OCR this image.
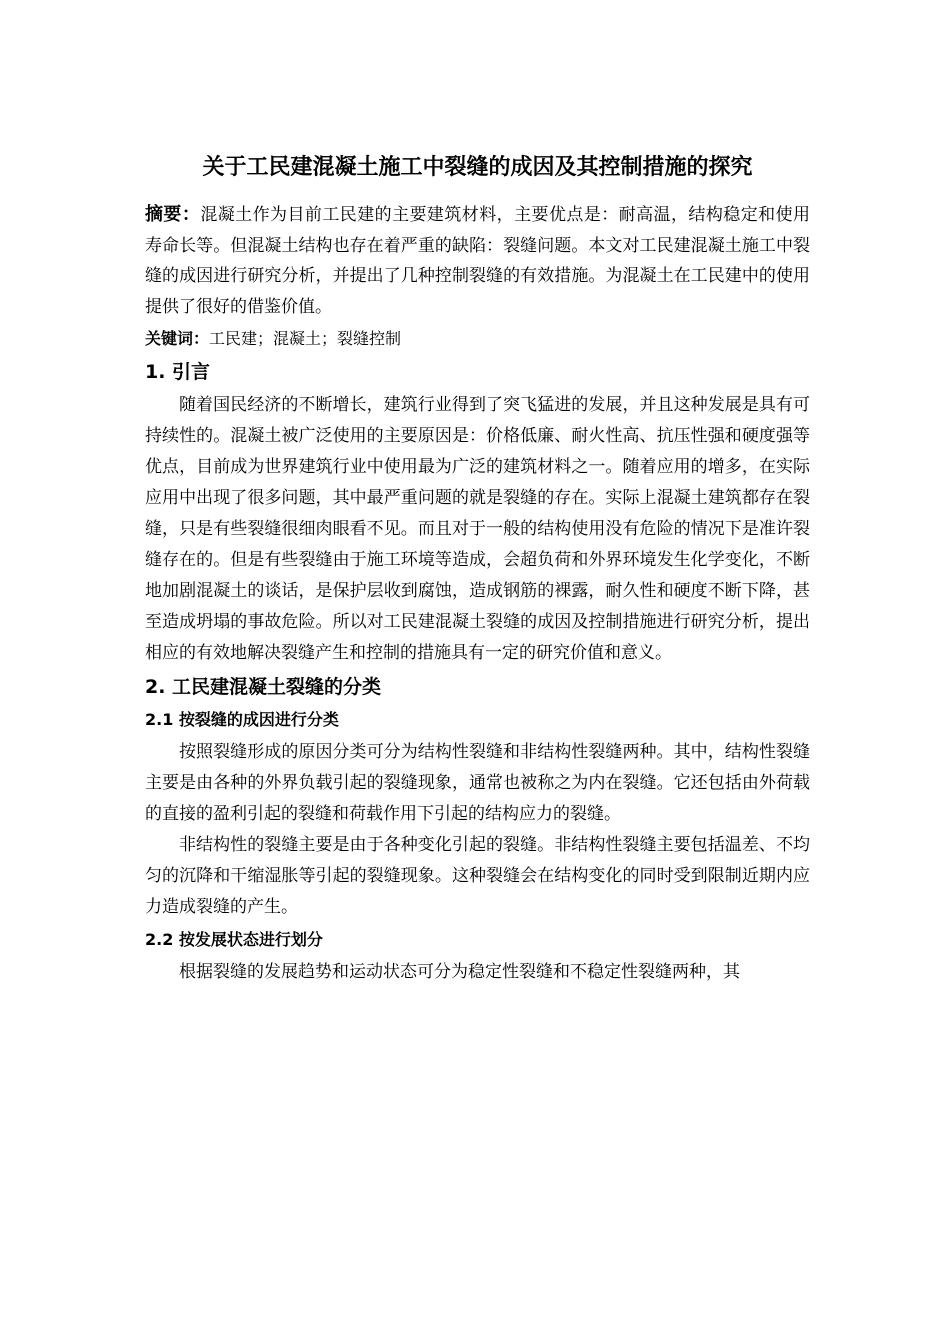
关于工民建混凝土施工中裂缝的成因及其控制措施的探究

摘要：混凝土作为目前工民建的主要建筑材料，主要优点是：耐高温，结构稳定和使用寿命长等。但混凝土结构也存在着严重的缺陷：裂缝问题。本文对工民建混凝土施工中裂缝的成因进行研究分析，并提出了几种控制裂缝的有效措施。为混凝土在工民建中的使用提供了很好的借鉴价值。

关键词：工民建；混凝土；裂缝控制

1. 引言

随着国民经济的不断增长，建筑行业得到了突飞猛进的发展，并且这种发展是具有可持续性的。混凝土被广泛使用的主要原因是：价格低廉、耐火性高、抗压性强和硬度强等优点，目前成为世界建筑行业中使用最为广泛的建筑材料之一。随着应用的增多，在实际应用中出现了很多问题，其中最严重问题的就是裂缝的存在。实际上混凝土建筑都存在裂缝，只是有些裂缝很细肉眼看不见。而且对于一般的结构使用没有危险的情况下是准许裂缝存在的。但是有些裂缝由于施工环境等造成，会超负荷和外界环境发生化学变化，不断地加剧混凝土的谈话，是保护层收到腐蚀，造成钢筋的裸露，耐久性和硬度不断下降，甚至造成坍塌的事故危险。所以对工民建混凝土裂缝的成因及控制措施进行研究分析，提出相应的有效地解决裂缝产生和控制的措施具有一定的研究价值和意义。

2. 工民建混凝土裂缝的分类
2.1 按裂缝的成因进行分类

按照裂缝形成的原因分类可分为结构性裂缝和非结构性裂缝两种。其中，结构性裂缝主要是由各种的外界负载引起的裂缝现象，通常也被称之为内在裂缝。它还包括由外荷载的直接的盈利引起的裂缝和荷载作用下引起的结构应力的裂缝。

非结构性的裂缝主要是由于各种变化引起的裂缝。非结构性裂缝主要包括温差、不均匀的沉降和干缩湿胀等引起的裂缝现象。这种裂缝会在结构变化的同时受到限制近期内应力造成裂缝的产生。

2.2 按发展状态进行划分

根据裂缝的发展趋势和运动状态可分为稳定性裂缝和不稳定性裂缝两种，其
